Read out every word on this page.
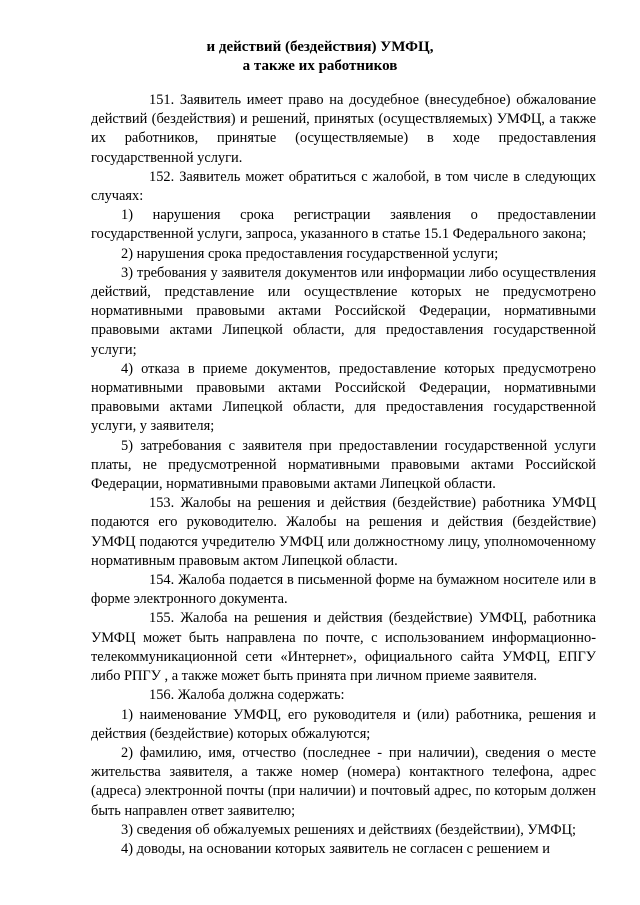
и действий (бездействия) УМФЦ,
а также их работников

151. Заявитель имеет право на досудебное (внесудебное) обжалование действий (бездействия) и решений, принятых (осуществляемых) УМФЦ, а также их работников, принятые (осуществляемые) в ходе предоставления государственной услуги.

152. Заявитель может обратиться с жалобой, в том числе в следующих случаях:

1) нарушения срока регистрации заявления о предоставлении государственной услуги, запроса, указанного в статье 15.1 Федерального закона;

2) нарушения срока предоставления государственной услуги;

3) требования у заявителя документов или информации либо осуществления действий, представление или осуществление которых не предусмотрено нормативными правовыми актами Российской Федерации, нормативными правовыми актами Липецкой области, для предоставления государственной услуги;

4) отказа в приеме документов, предоставление которых предусмотрено нормативными правовыми актами Российской Федерации, нормативными правовыми актами Липецкой области, для предоставления государственной услуги, у заявителя;

5) затребования с заявителя при предоставлении государственной услуги платы, не предусмотренной нормативными правовыми актами Российской Федерации, нормативными правовыми актами Липецкой области.

153. Жалобы на решения и действия (бездействие) работника УМФЦ подаются его руководителю. Жалобы на решения и действия (бездействие) УМФЦ подаются учредителю УМФЦ или должностному лицу, уполномоченному нормативным правовым актом Липецкой области.

154. Жалоба подается в письменной форме на бумажном носителе или в форме электронного документа.

155. Жалоба на решения и действия (бездействие) УМФЦ, работника УМФЦ может быть направлена по почте, с использованием информационно-телекоммуникационной сети «Интернет», официального сайта УМФЦ, ЕПГУ либо РПГУ , а также может быть принята при личном приеме заявителя.

156. Жалоба должна содержать:

1) наименование УМФЦ, его руководителя и (или) работника, решения и действия (бездействие) которых обжалуются;

2) фамилию, имя, отчество (последнее - при наличии), сведения о месте жительства заявителя, а также номер (номера) контактного телефона, адрес (адреса) электронной почты (при наличии) и почтовый адрес, по которым должен быть направлен ответ заявителю;

3) сведения об обжалуемых решениях и действиях (бездействии), УМФЦ;

4) доводы, на основании которых заявитель не согласен с решением и
